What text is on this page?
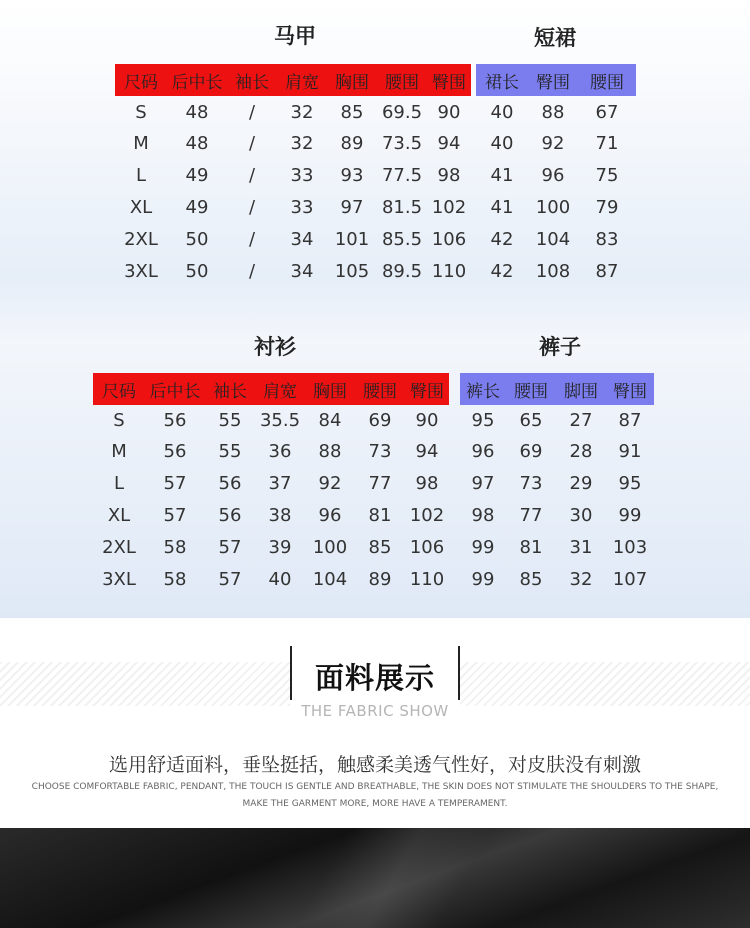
马甲	短裙
衬衫	裤子
尺码 后中长 袖长 肩宽 胸围 腰围 臀围
S	48	/	32	85	69.5 90
M	48	/	32	89	73.5 94
L	49	/	33	93	77.5 98
XL	49	/	33	97	81.5 102
2XL	50	/	34	101 85.5 106
3XL	50	/	34	105 89.5 110
裙长	臀围	腰围
40	88	67
40	92	71
41	96	75
41	100	79
42	104	83
42	108	87
尺码 后中长 袖长 肩宽 胸围 腰围 臀围
S	56	55	35.5	84	69	90
M	56	55	36	88	73	94
L	57	56	37	92	77	98
XL	57	56	38	96	81	102
2XL	58	57	39	100	85	106
3XL	58	57	40	104	89	110
裤长 腰围 脚围 臀围
95	65	27	87
96	69	28	91
97	73	29	95
98	77	30	99
99	81	31	103
99	85	32	107
面料展示
THE FABRIC SHOW
选用舒适面料，垂坠挺括，触感柔美透气性好，对皮肤没有刺激
CHOOSE COMFORTABLE FABRIC, PENDANT, THE TOUCH IS GENTLE AND BREATHABLE, THE SKIN DOES NOT STIMULATE THE SHOULDERS TO THE SHAPE,
MAKE THE GARMENT MORE, MORE HAVE A TEMPERAMENT.
